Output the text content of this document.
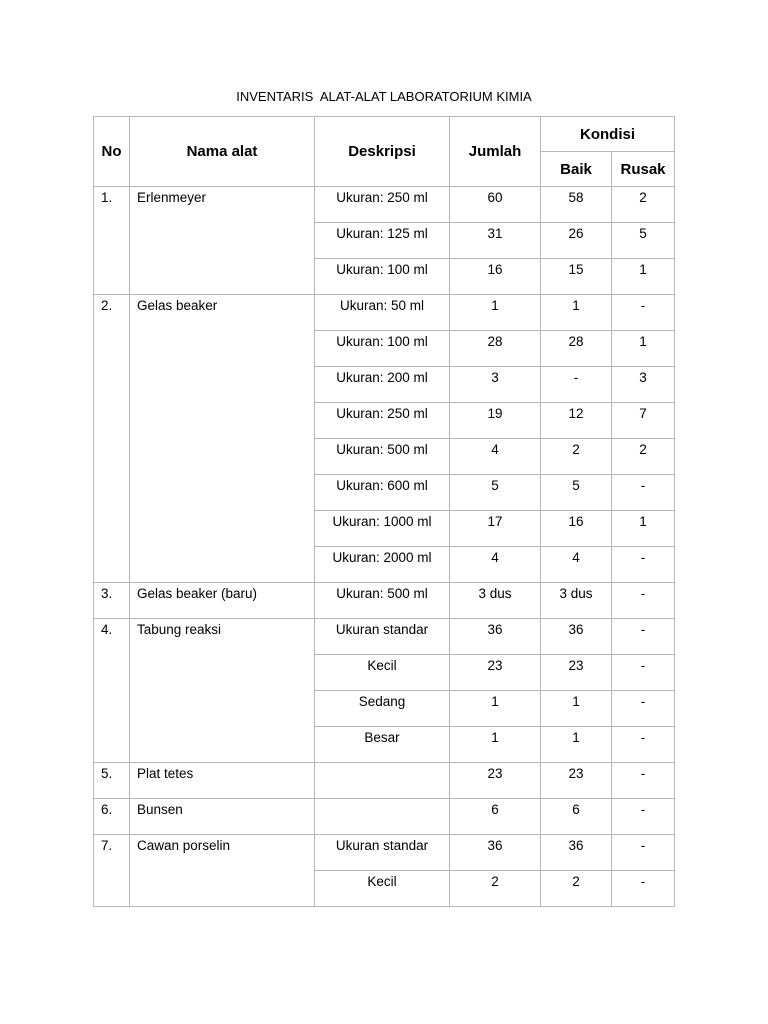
INVENTARIS  ALAT-ALAT LABORATORIUM KIMIA
No	Nama alat	Deskripsi	Jumlah	Kondisi	
				Baik	Rusak
1.	Erlenmeyer	Ukuran: 250 ml	60	58	2
		Ukuran: 125 ml	31	26	5
		Ukuran: 100 ml	16	15	1
2.	Gelas beaker	Ukuran: 50 ml	1	1	-
		Ukuran: 100 ml	28	28	1
		Ukuran: 200 ml	3	-	3
		Ukuran: 250 ml	19	12	7
		Ukuran: 500 ml	4	2	2
		Ukuran: 600 ml	5	5	-
		Ukuran: 1000 ml	17	16	1
		Ukuran: 2000 ml	4	4	-
3.	Gelas beaker (baru)	Ukuran: 500 ml	3 dus	3 dus	-
4.	Tabung reaksi	Ukuran standar	36	36	-
		Kecil	23	23	-
		Sedang	1	1	-
		Besar	1	1	-
5.	Plat tetes		23	23	-
6.	Bunsen		6	6	-
7.	Cawan porselin	Ukuran standar	36	36	-
		Kecil	2	2	-
